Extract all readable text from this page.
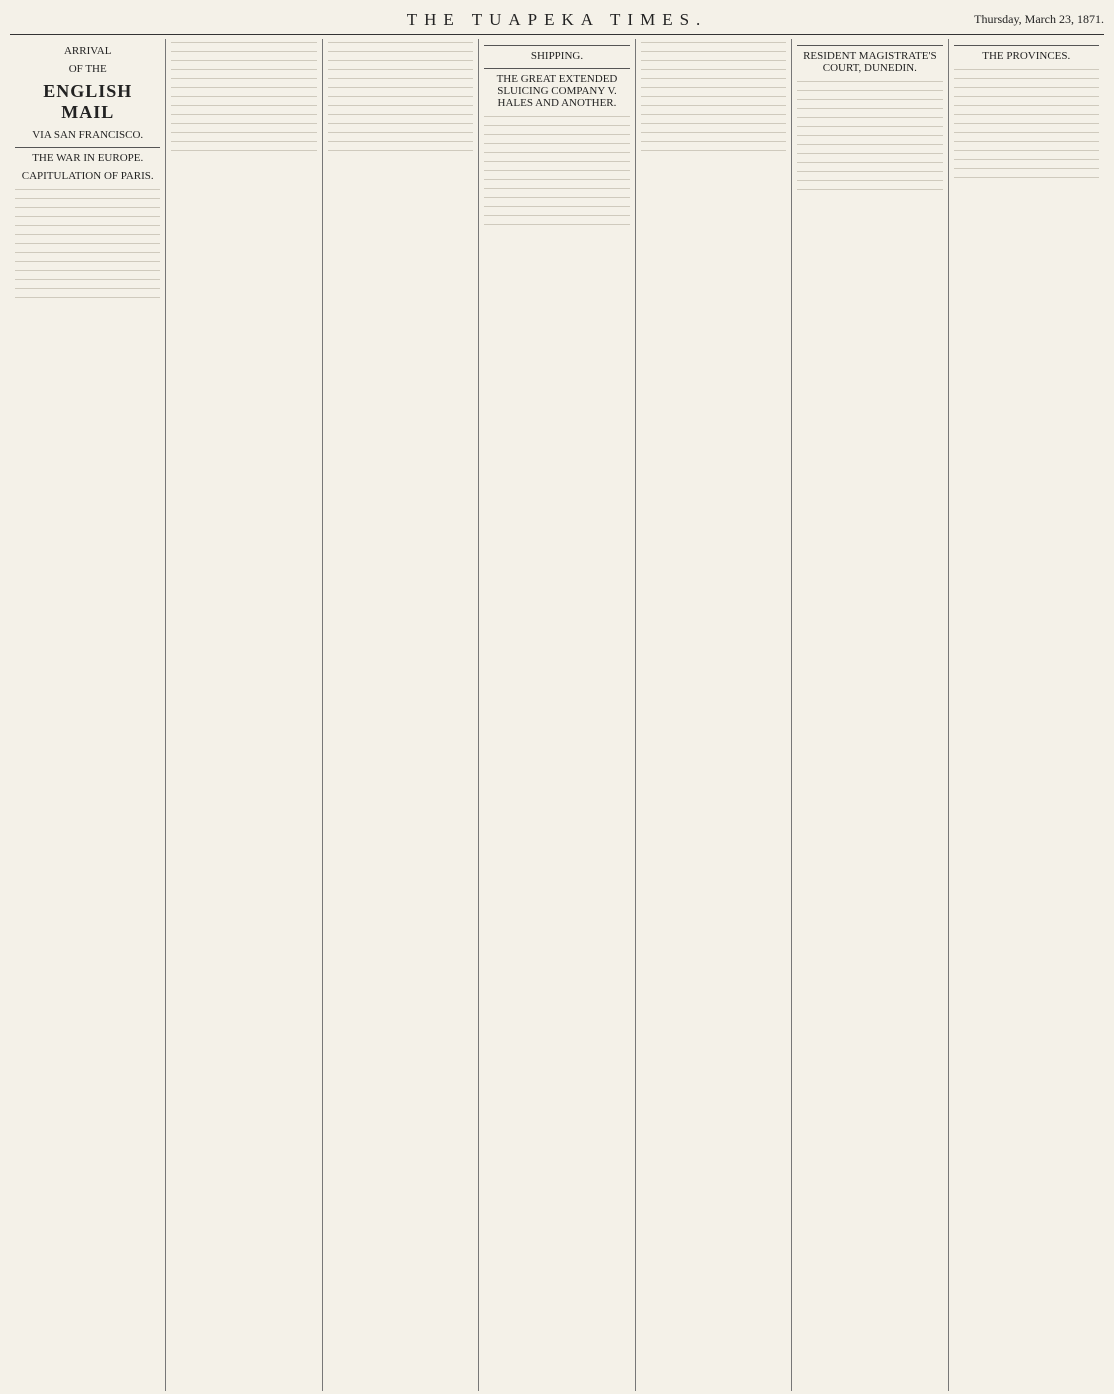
THE TUAPEKA TIMES.	Thursday, March 23, 1871.
ARRIVAL
OF THE
ENGLISH MAIL
VIA SAN FRANCISCO.
THE WAR IN EUROPE.
CAPITULATION OF PARIS.
SHIPPING.
THE GREAT EXTENDED SLUICING COMPANY V. HALES AND ANOTHER.
RESIDENT MAGISTRATE'S COURT, DUNEDIN.
THE PROVINCES.
